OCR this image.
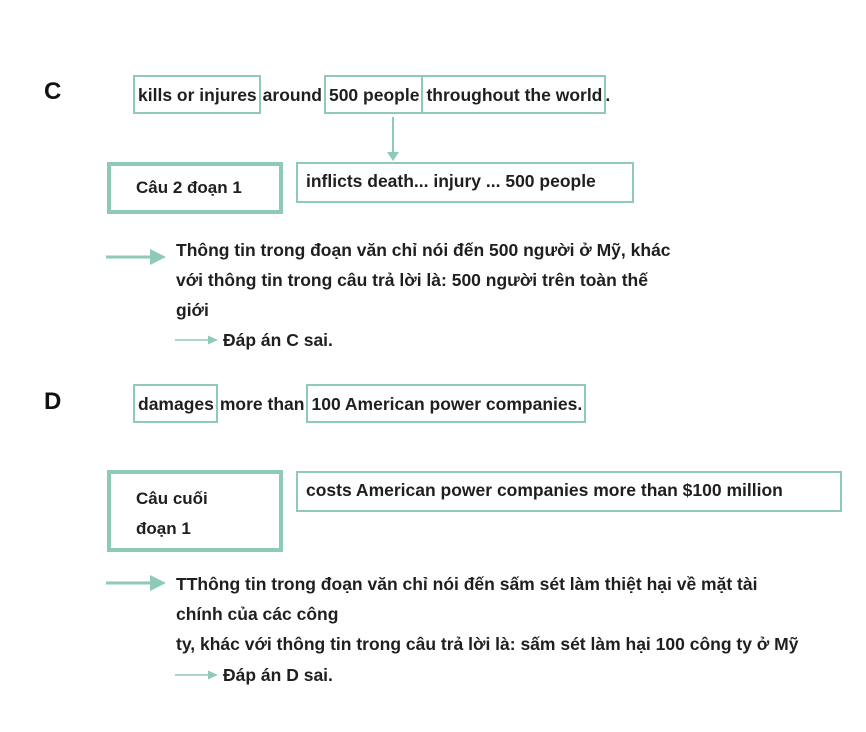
C	kills or injures around 500 people throughout the world .
Câu 2 đoạn 1	inflicts death... injury ... 500 people
Thông tin trong đoạn văn chỉ nói đến 500 người ở Mỹ, khác
với thông tin trong câu trả lời là: 500 người trên toàn thế
giới
Đáp án C sai.
D	damages more than 100 American power companies.
Câu cuối
đoạn 1
costs American power companies more than $100 million
TThông tin trong đoạn văn chỉ nói đến sấm sét làm thiệt hại về mặt tài
chính của các công
ty, khác với thông tin trong câu trả lời là: sấm sét làm hại 100 công ty ở Mỹ
Đáp án D sai.
